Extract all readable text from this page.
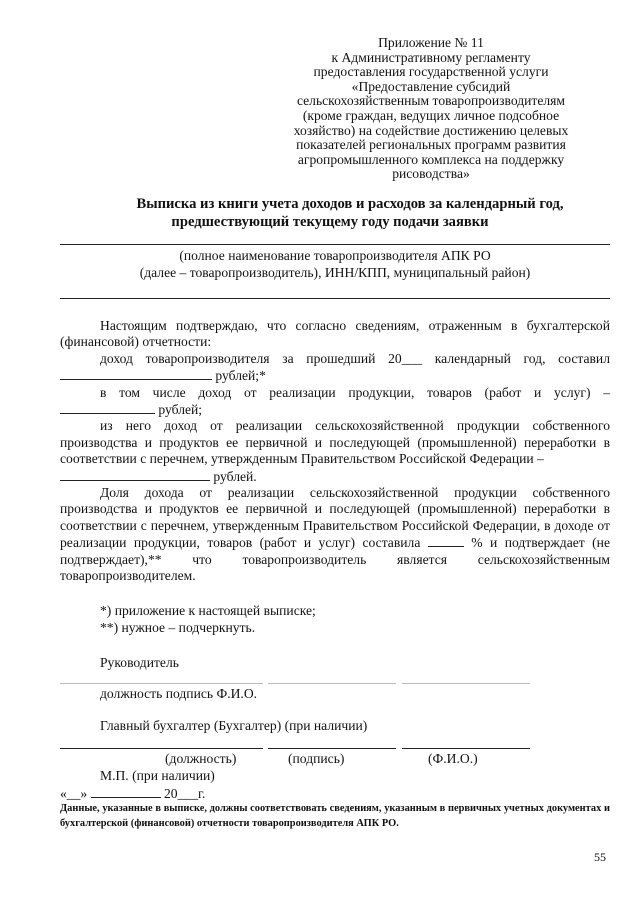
Приложение № 11
к Административному регламенту
предоставления государственной услуги
«Предоставление субсидий
сельскохозяйственным товаропроизводителям
(кроме граждан, ведущих личное подсобное
хозяйство) на содействие достижению целевых
показателей региональных программ развития
агропромышленного комплекса на поддержку
рисоводства»
Выписка из книги учета доходов и расходов за календарный год,
предшествующий текущему году подачи заявки
(полное наименование товаропроизводителя АПК РО
(далее – товаропроизводитель), ИНН/КПП, муниципальный район)

Настоящим подтверждаю, что согласно сведениям, отраженным в бухгалтерской (финансовой) отчетности:

доход товаропроизводителя за прошедший 20___ календарный год, составил

рублей;*

в том числе доход от реализации продукции, товаров (работ и услуг) –

рублей;

из него доход от реализации сельскохозяйственной продукции собственного производства и продуктов ее первичной и последующей (промышленной) переработки в соответствии с перечнем, утвержденным Правительством Российской Федерации –

рублей.

Доля дохода от реализации сельскохозяйственной продукции собственного производства и продуктов ее первичной и последующей (промышленной) переработки в соответствии с перечнем, утвержденным Правительством Российской Федерации, в доходе от реализации продукции, товаров (работ и услуг) составила	% и подтверждает (не подтверждает),** что товаропроизводитель является сельскохозяйственным товаропроизводителем.

*) приложение к настоящей выписке;
**) нужное – подчеркнуть.
Руководитель
должность подпись Ф.И.О.
Главный бухгалтер (Бухгалтер) (при наличии)
(должность)	(подпись)	(Ф.И.О.)
М.П. (при наличии)
«__»	20___г.
Данные, указанные в выписке, должны соответствовать сведениям, указанным в первичных учетных документах и бухгалтерской (финансовой) отчетности товаропроизводителя АПК РО.
55
